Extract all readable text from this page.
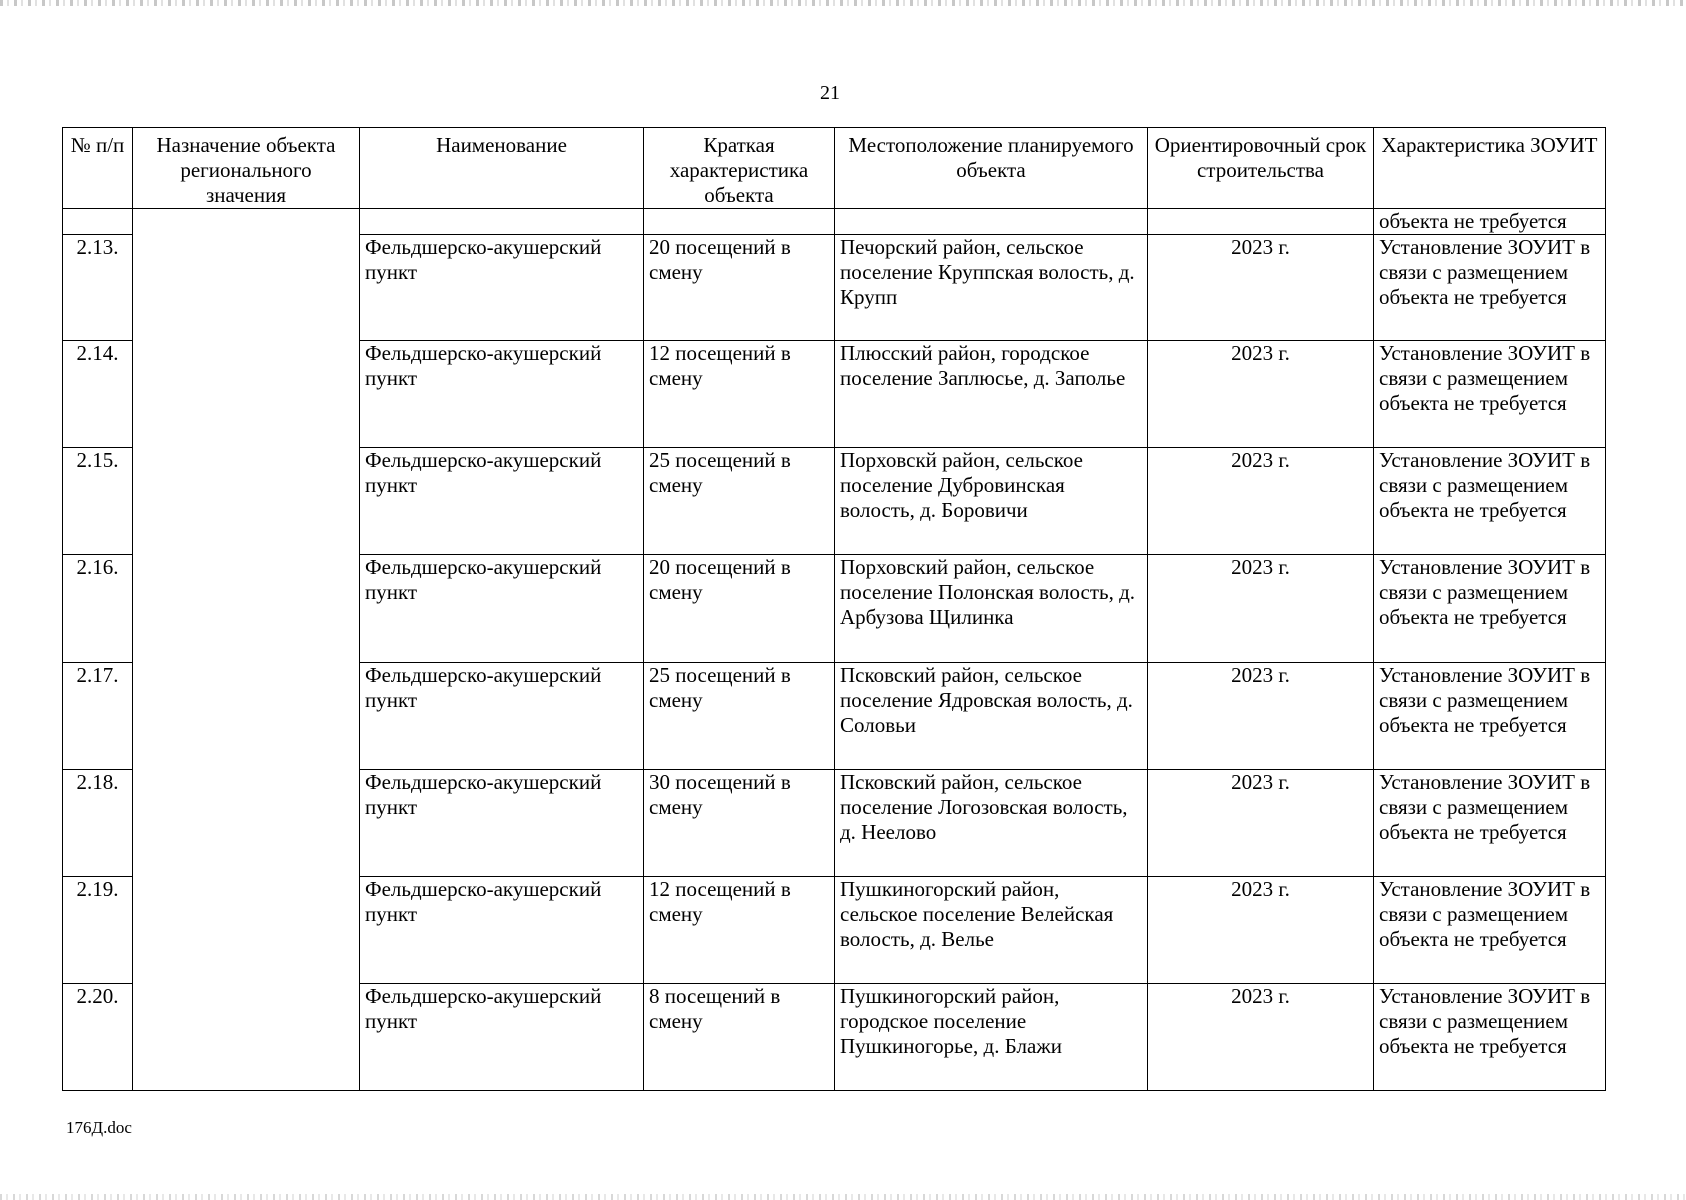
21
№ п/п	Назначение объекта регионального значения	Наименование	Краткая характеристика объекта	Местоположение планируемого объекта	Ориентировочный срок строительства	Характеристика ЗОУИТ
						объекта не требуется
2.13.		Фельдшерско-акушерский пункт	20 посещений в смену	Печорский район, сельское поселение Круппская волость, д. Крупп	2023 г.	Установление ЗОУИТ в связи с размещением объекта не требуется
2.14.		Фельдшерско-акушерский пункт	12 посещений в смену	Плюсский район, городское поселение Заплюсье, д. Заполье	2023 г.	Установление ЗОУИТ в связи с размещением объекта не требуется
2.15.		Фельдшерско-акушерский пункт	25 посещений в смену	Порховскй район, сельское поселение Дубровинская волость, д. Боровичи	2023 г.	Установление ЗОУИТ в связи с размещением объекта не требуется
2.16.		Фельдшерско-акушерский пункт	20 посещений в смену	Порховский район, сельское поселение Полонская волость, д. Арбузова Щилинка	2023 г.	Установление ЗОУИТ в связи с размещением объекта не требуется
2.17.		Фельдшерско-акушерский пункт	25 посещений в смену	Псковский район, сельское поселение Ядровская волость, д. Соловьи	2023 г.	Установление ЗОУИТ в связи с размещением объекта не требуется
2.18.		Фельдшерско-акушерский пункт	30 посещений в смену	Псковский район, сельское поселение Логозовская волость, д. Неелово	2023 г.	Установление ЗОУИТ в связи с размещением объекта не требуется
2.19.		Фельдшерско-акушерский пункт	12 посещений в смену	Пушкиногорский район, сельское поселение Велейская волость, д. Велье	2023 г.	Установление ЗОУИТ в связи с размещением объекта не требуется
2.20.		Фельдшерско-акушерский пункт	8 посещений в смену	Пушкиногорский район, городское поселение Пушкиногорье, д. Блажи	2023 г.	Установление ЗОУИТ в связи с размещением объекта не требуется
176Д.doc
